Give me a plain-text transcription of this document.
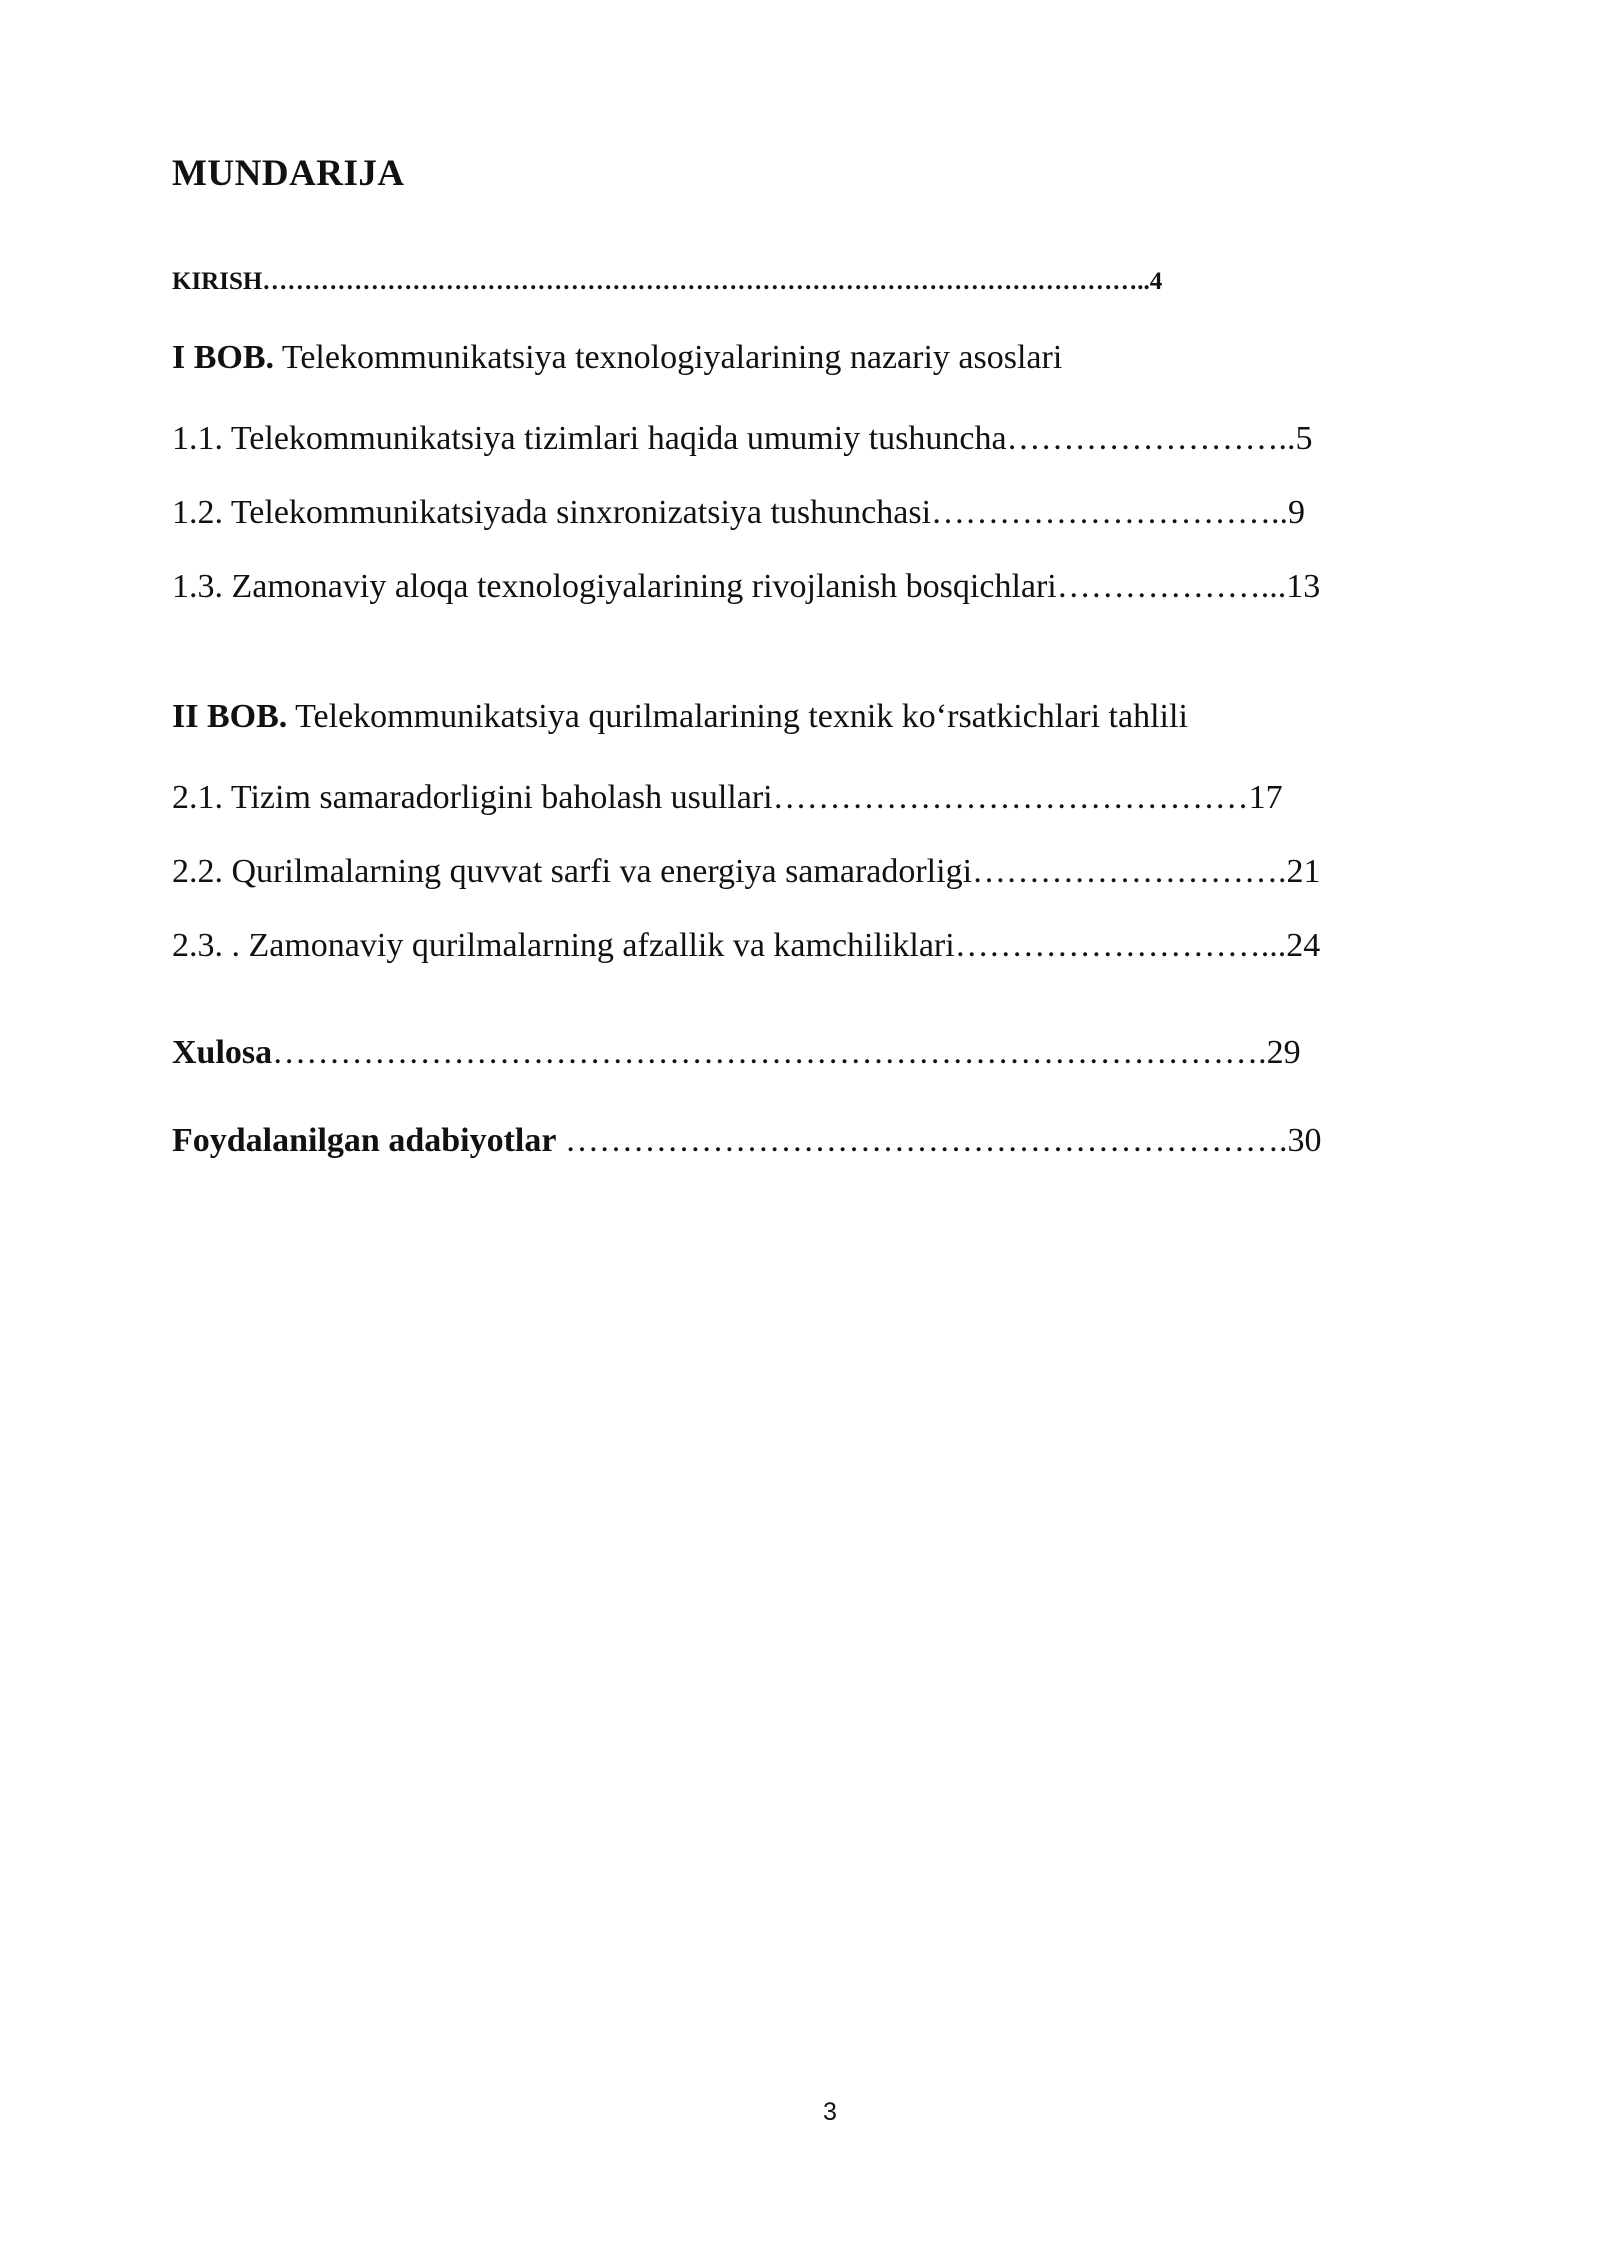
MUNDARIJA
KIRISH……………………………………………………………………………………………..4
I BOB. Telekommunikatsiya texnologiyalarining nazariy asoslari
1.1. Telekommunikatsiya tizimlari haqida umumiy tushuncha……………………..5
1.2. Telekommunikatsiyada sinxronizatsiya tushunchasi…………………………..9
1.3. Zamonaviy aloqa texnologiyalarining rivojlanish bosqichlari………………...13
II BOB. Telekommunikatsiya qurilmalarining texnik koʻrsatkichlari tahlili
2.1. Tizim samaradorligini baholash usullari……………………………………17
2.2. Qurilmalarning quvvat sarfi va energiya samaradorligi……………………….21
2.3. . Zamonaviy qurilmalarning afzallik va kamchiliklari………………………...24
Xulosa…………………………………………………………………………….29
Foydalanilgan adabiyotlar ……………………………………………………….30
3
